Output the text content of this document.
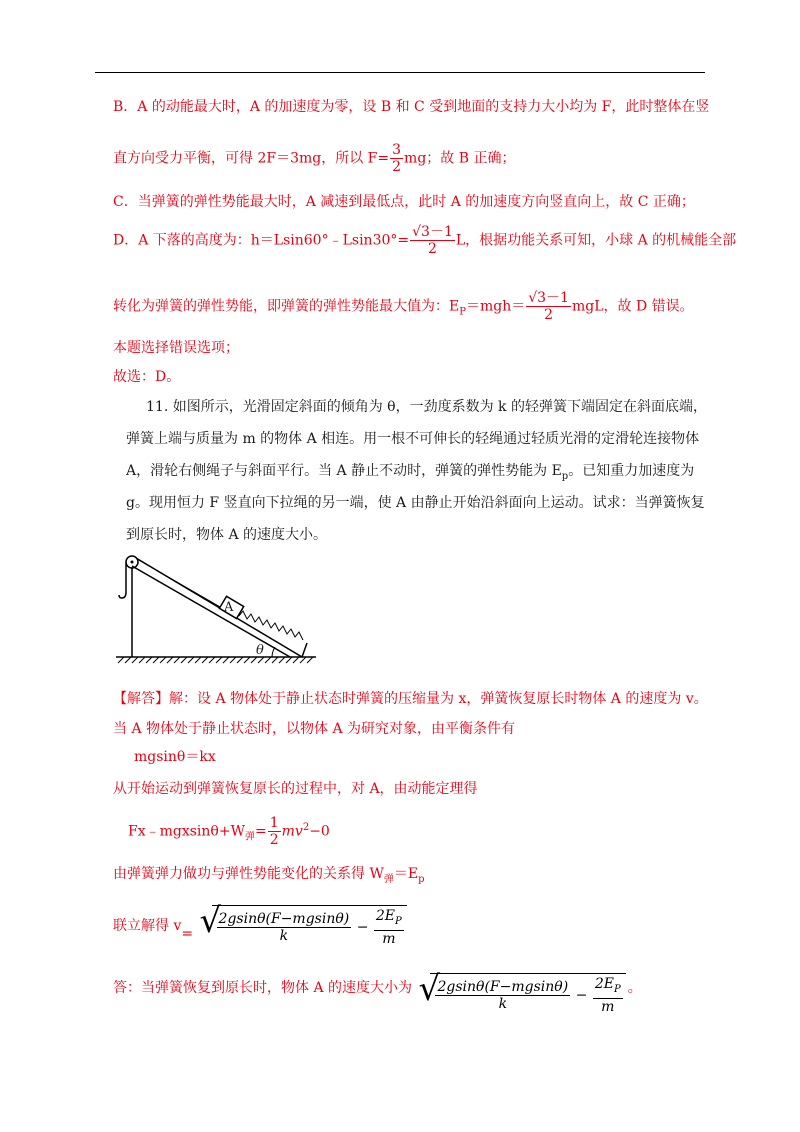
B．A 的动能最大时，A 的加速度为零，设 B 和 C 受到地面的支持力大小均为 F，此时整体在竖
直方向受力平衡，可得 2F＝3mg，所以 $F= \frac{3}{2}$ mg；故 B 正确；
C．当弹簧的弹性势能最大时，A 减速到最低点，此时 A 的加速度方向竖直向上，故 C 正确；
D．A 下落的高度为：h＝Lsin60°﹣Lsin30°= $\frac{√3-1}{2}$ L，根据功能关系可知，小球 A 的机械能全部
转化为弹簧的弹性势能，即弹簧的弹性势能最大值为：$E_P=mgh= \frac{√3-1}{2}$ mgL，故 D 错误。
本题选择错误选项；
故选：D。
11. 如图所示，光滑固定斜面的倾角为 θ，一劲度系数为 k 的轻弹簧下端固定在斜面底端，
弹簧上端与质量为 m 的物体 A 相连。用一根不可伸长的轻绳通过轻质光滑的定滑轮连接物体
A，滑轮右侧绳子与斜面平行。当 A 静止不动时，弹簧的弹性势能为 $E_p$。已知重力加速度为
g。现用恒力 F 竖直向下拉绳的另一端，使 A 由静止开始沿斜面向上运动。试求：当弹簧恢复
到原长时，物体 A 的速度大小。
A
θ
【解答】解：设 A 物体处于静止状态时弹簧的压缩量为 x，弹簧恢复原长时物体 A 的速度为 v。
当 A 物体处于静止状态时，以物体 A 为研究对象，由平衡条件有
mgsinθ＝kx
从开始运动到弹簧恢复原长的过程中，对 A，由动能定理得
$Fx﹣mgxsin\theta+W_弹= \frac{1}{2} mv^2-0$
由弹簧弹力做功与弹性势能变化的关系得 $W_弹=E_p$
联立解得 v= √
$\frac{2gsin\theta(F-mgsin\theta)}{k} - \frac{2E_P}{m}$
答：当弹簧恢复到原长时，物体 A 的速度大小为 √
$\frac{2gsin\theta(F-mgsin\theta)}{k} - \frac{2E_P}{m}$ 。
